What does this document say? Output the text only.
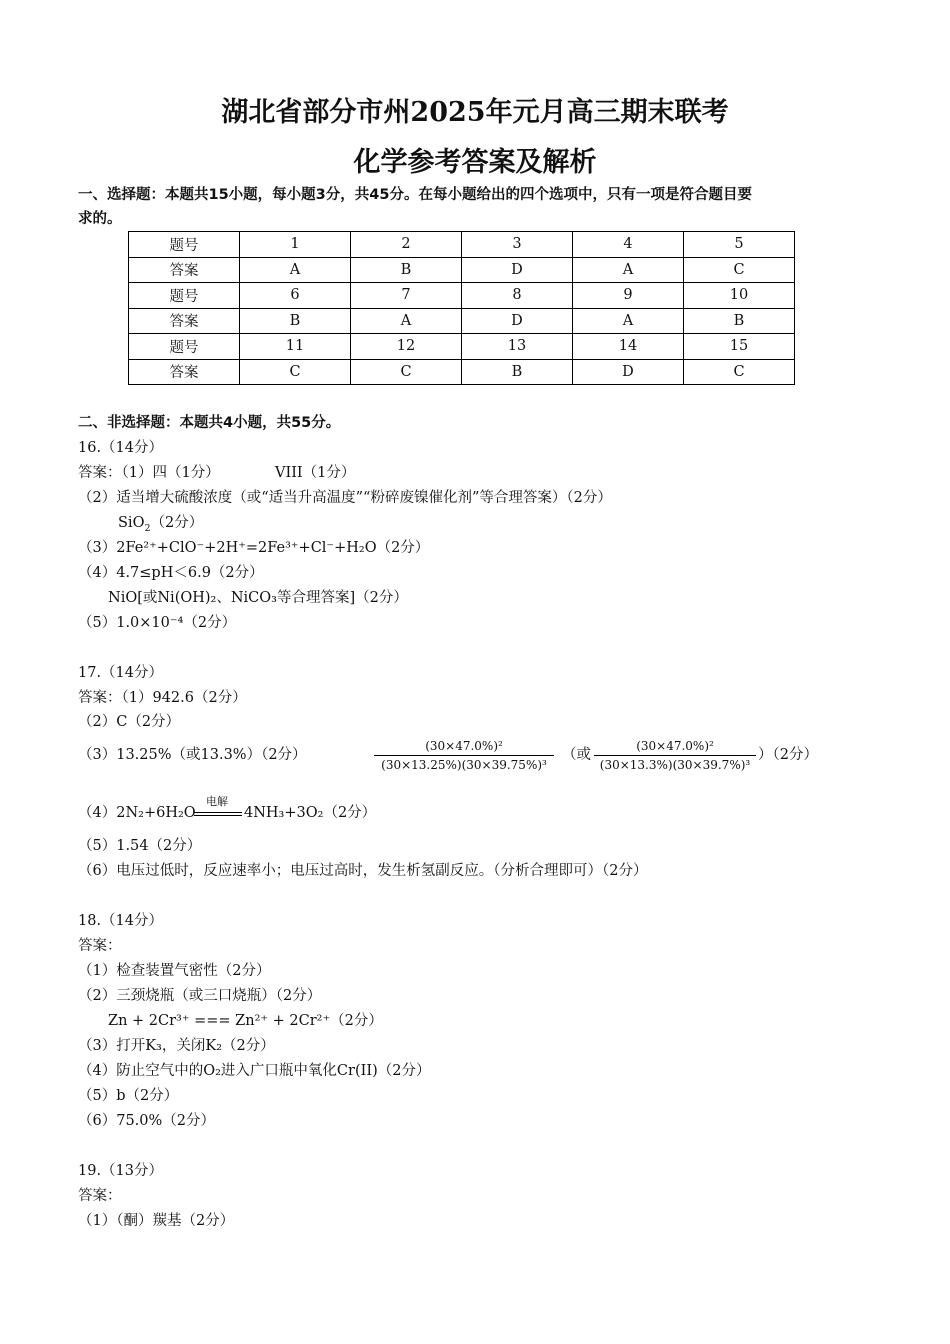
湖北省部分市州2025年元月高三期末联考
化学参考答案及解析
一、选择题：本题共15小题，每小题3分，共45分。在每小题给出的四个选项中，只有一项是符合题目要
求的。
题号	1	2	3	4	5
答案	A	B	D	A	C
题号	6	7	8	9	10
答案	B	A	D	A	B
题号	11	12	13	14	15
答案	C	C	B	D	C
二、非选择题：本题共4小题，共55分。
16.（14分）
答案：（1）四（1分）	VIII（1分）
（2）适当增大硫酸浓度（或“适当升高温度”“粉碎废镍催化剂”等合理答案）（2分）
SiO$_2$（2分）
（3）2Fe²⁺+ClO⁻+2H⁺=2Fe³⁺+Cl⁻+H₂O（2分）
（4）4.7≤pH＜6.9（2分）
NiO[或Ni(OH)₂、NiCO₃等合理答案]（2分）
（5）1.0×10⁻⁴（2分）
17.（14分）
答案：（1）942.6（2分）
（2）C（2分）
（3）13.25%（或13.3%）（2分）
(30×47.0%)²
(30×13.25%)(30×39.75%)³
（或
(30×47.0%)²
(30×13.3%)(30×39.7%)³
）（2分）
（4）2N₂+6H₂O
电解
4NH₃+3O₂（2分）
（5）1.54（2分）
（6）电压过低时，反应速率小；电压过高时，发生析氢副反应。（分析合理即可）（2分）
18.（14分）
答案：
（1）检查装置气密性（2分）
（2）三颈烧瓶（或三口烧瓶）（2分）
Zn + 2Cr³⁺ === Zn²⁺ + 2Cr²⁺（2分）
（3）打开K₃，关闭K₂（2分）
（4）防止空气中的O₂进入广口瓶中氧化Cr(II)（2分）
（5）b（2分）
（6）75.0%（2分）
19.（13分）
答案：
（1）（酮）羰基（2分）
